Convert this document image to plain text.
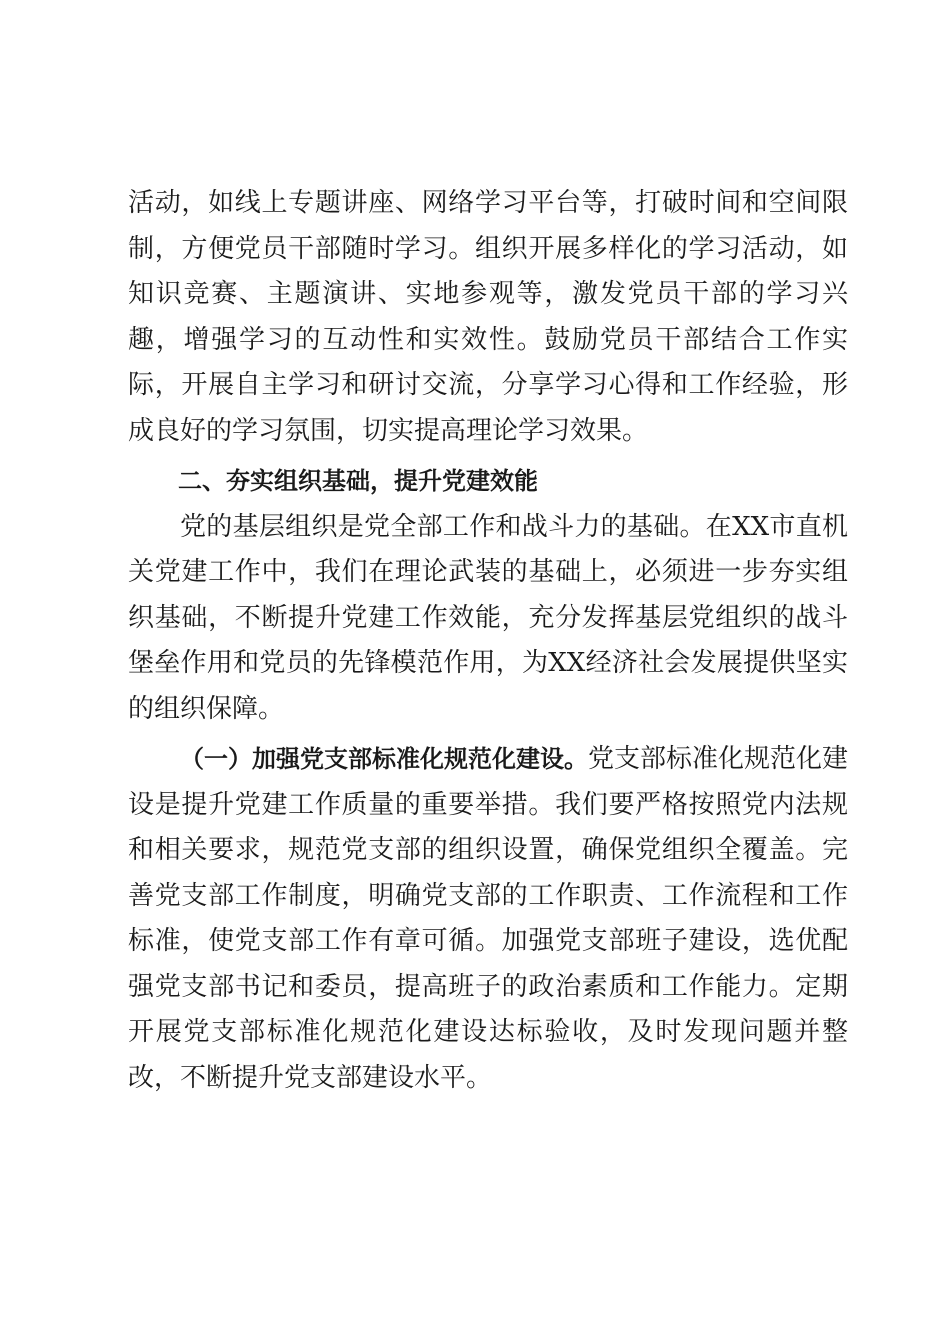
活动，如线上专题讲座、网络学习平台等，打破时间和空间限制，方便党员干部随时学习。组织开展多样化的学习活动，如知识竞赛、主题演讲、实地参观等，激发党员干部的学习兴趣，增强学习的互动性和实效性。鼓励党员干部结合工作实际，开展自主学习和研讨交流，分享学习心得和工作经验，形成良好的学习氛围，切实提高理论学习效果。

二、夯实组织基础，提升党建效能

党的基层组织是党全部工作和战斗力的基础。在XX市直机关党建工作中，我们在理论武装的基础上，必须进一步夯实组织基础，不断提升党建工作效能，充分发挥基层党组织的战斗堡垒作用和党员的先锋模范作用，为XX经济社会发展提供坚实的组织保障。

（一）加强党支部标准化规范化建设。党支部标准化规范化建设是提升党建工作质量的重要举措。我们要严格按照党内法规和相关要求，规范党支部的组织设置，确保党组织全覆盖。完善党支部工作制度，明确党支部的工作职责、工作流程和工作标准，使党支部工作有章可循。加强党支部班子建设，选优配强党支部书记和委员，提高班子的政治素质和工作能力。定期开展党支部标准化规范化建设达标验收，及时发现问题并整改，不断提升党支部建设水平。
